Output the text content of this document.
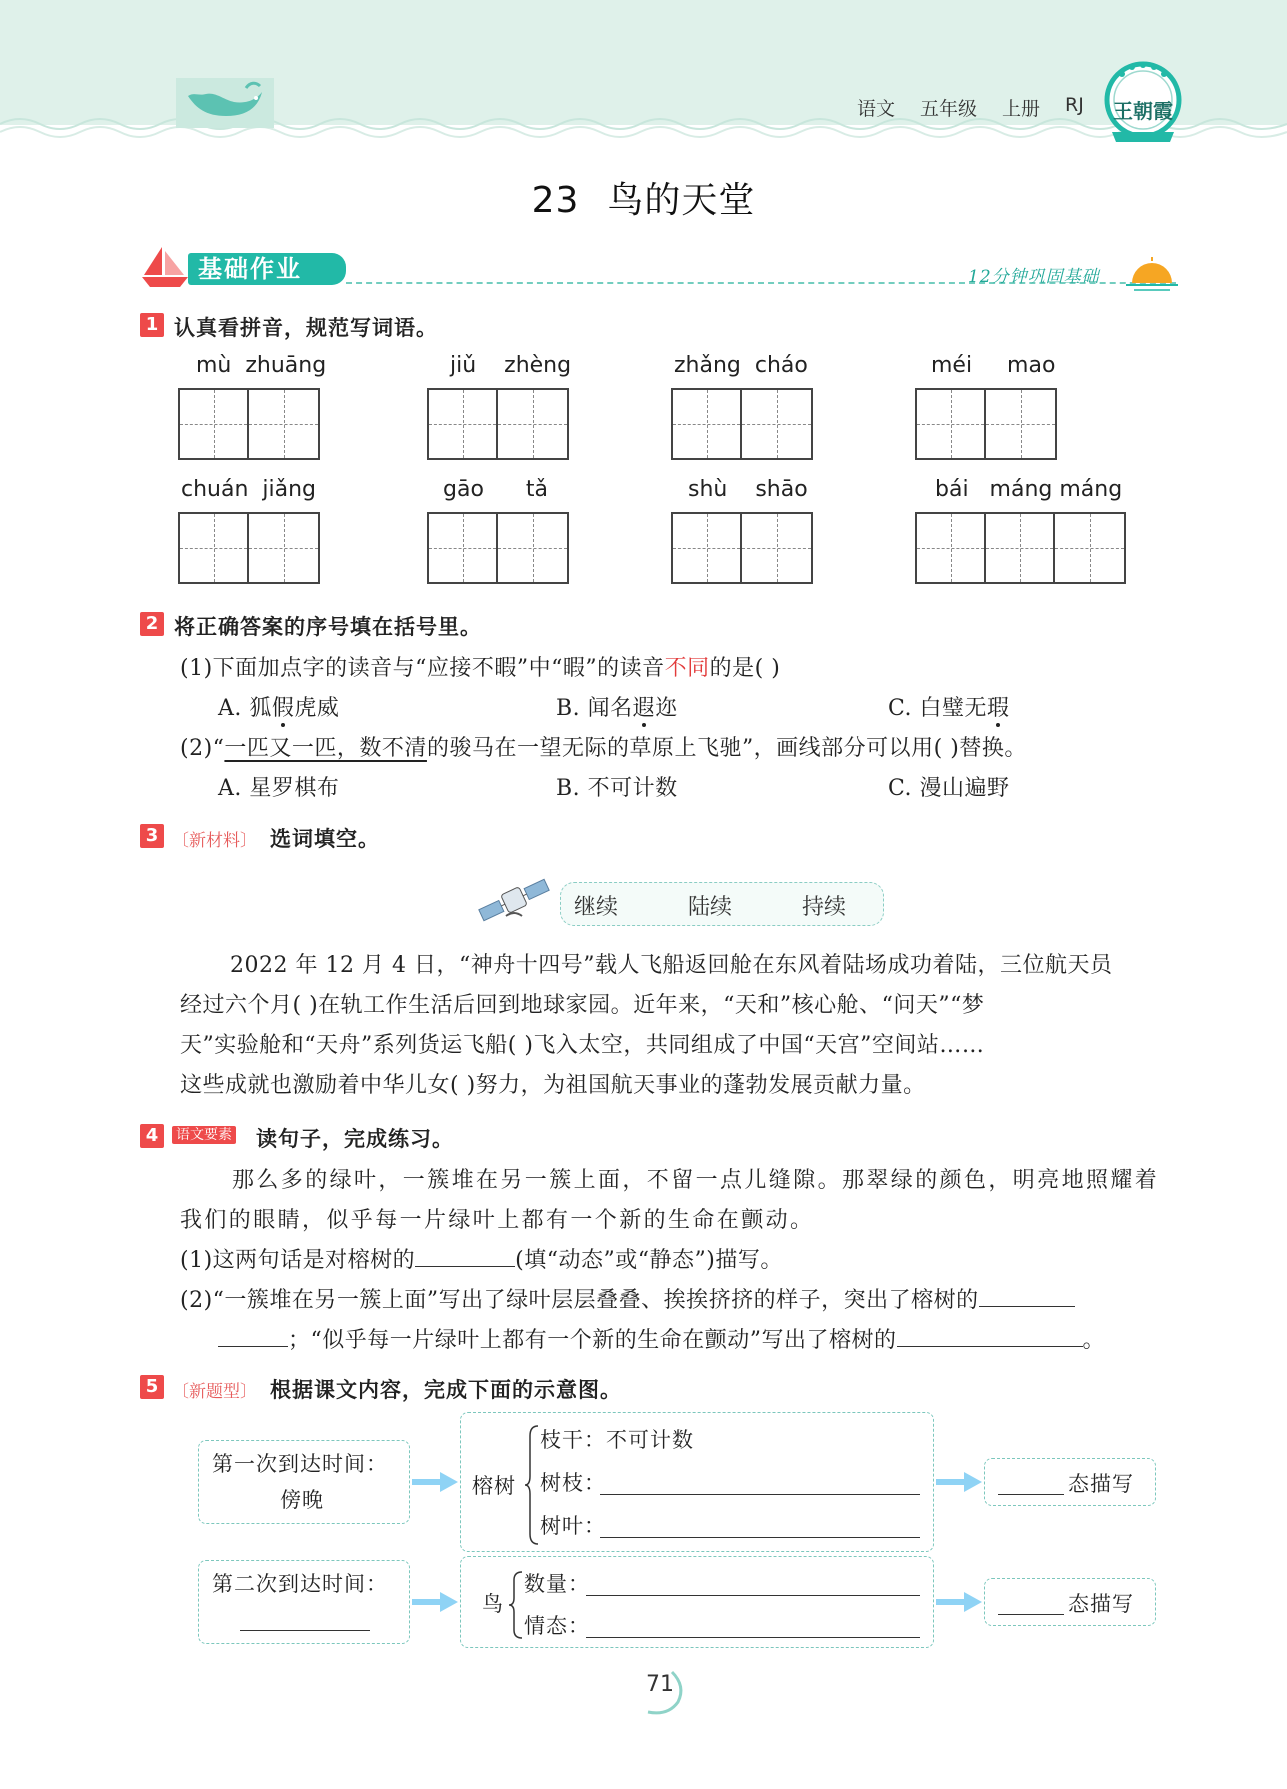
语文 五年级 上册 RJ 王朝霞
23 鸟的天堂
基础作业	12分钟巩固基础
1 认真看拼音，规范写词语。
mù  zhuāng	jiǔ    zhèng	zhǎng  cháo	méi     mao
chuán  jiǎng	gāo      tǎ	shù    shāo	bái   máng máng
2 将正确答案的序号填在括号里。
(1)下面加点字的读音与“应接不暇”中“暇”的读音不同的是( )
A. 狐假虎威	B. 闻名遐迩	C. 白璧无瑕
(2)“一匹又一匹，数不清的骏马在一望无际的草原上飞驰”，画线部分可以用( )替换。
A. 星罗棋布	B. 不可计数	C. 漫山遍野
3 〔新材料〕 选词填空。
继续	陆续	持续
2022 年 12 月 4 日，“神舟十四号”载人飞船返回舱在东风着陆场成功着陆，三位航天员
经过六个月( )在轨工作生活后回到地球家园。近年来，“天和”核心舱、“问天”“梦
天”实验舱和“天舟”系列货运飞船( )飞入太空，共同组成了中国“天宫”空间站……
这些成就也激励着中华儿女( )努力，为祖国航天事业的蓬勃发展贡献力量。
4	语文要素 读句子，完成练习。
那么多的绿叶，一簇堆在另一簇上面，不留一点儿缝隙。那翠绿的颜色，明亮地照耀着
我们的眼睛，似乎每一片绿叶上都有一个新的生命在颤动。
(1)这两句话是对榕树的	(填“动态”或“静态”)描写。
(2)“一簇堆在另一簇上面”写出了绿叶层层叠叠、挨挨挤挤的样子，突出了榕树的
；“似乎每一片绿叶上都有一个新的生命在颤动”写出了榕树的	。
5 〔新题型〕 根据课文内容，完成下面的示意图。
第一次到达时间：
傍晚
榕树
枝干：不可计数
树枝：
树叶：
态描写
第二次到达时间：
鸟
数量：
情态：
态描写
71
